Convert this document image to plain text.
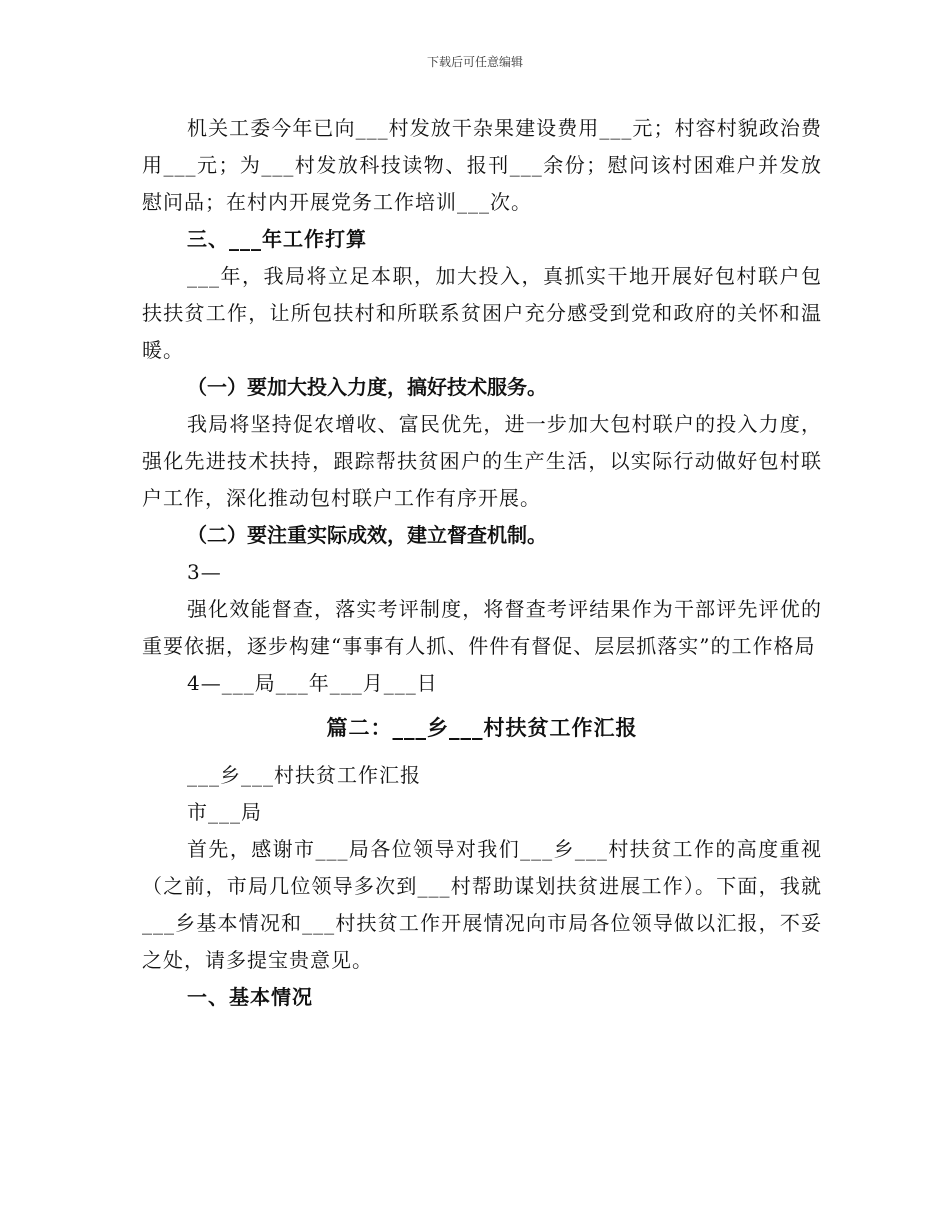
下载后可任意编辑

机关工委今年已向___村发放干杂果建设费用___元；村容村貌政治费用___元；为___村发放科技读物、报刊___余份；慰问该村困难户并发放慰问品；在村内开展党务工作培训___次。

三、___年工作打算

___年，我局将立足本职，加大投入，真抓实干地开展好包村联户包扶扶贫工作，让所包扶村和所联系贫困户充分感受到党和政府的关怀和温暖。

（一）要加大投入力度，搞好技术服务。

我局将坚持促农增收、富民优先，进一步加大包村联户的投入力度，强化先进技术扶持，跟踪帮扶贫困户的生产生活，以实际行动做好包村联户工作，深化推动包村联户工作有序开展。

（二）要注重实际成效，建立督查机制。

3—

强化效能督查，落实考评制度，将督查考评结果作为干部评先评优的重要依据，逐步构建“事事有人抓、件件有督促、层层抓落实”的工作格局

4—___局___年___月___日

篇二：___乡___村扶贫工作汇报

___乡___村扶贫工作汇报

市___局

首先，感谢市___局各位领导对我们___乡___村扶贫工作的高度重视（之前，市局几位领导多次到___村帮助谋划扶贫进展工作）。下面，我就___乡基本情况和___村扶贫工作开展情况向市局各位领导做以汇报，不妥之处，请多提宝贵意见。

一、基本情况
